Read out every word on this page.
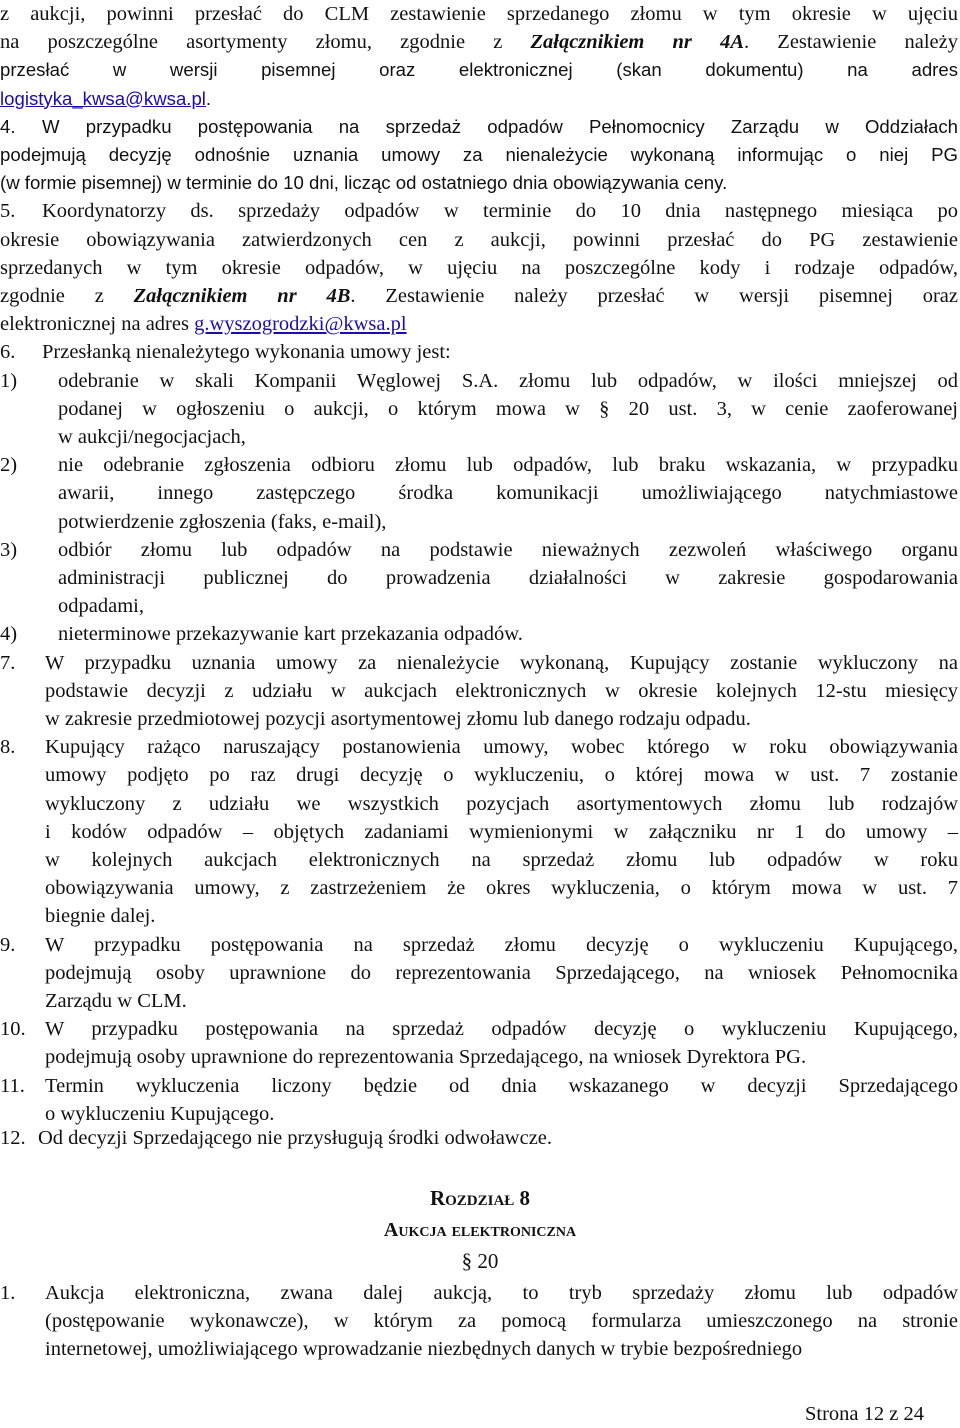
z aukcji, powinni przesłać do CLM zestawienie sprzedanego złomu w tym okresie w ujęciu
na poszczególne asortymenty złomu, zgodnie z Załącznikiem nr 4A. Zestawienie należy
przesłać w wersji pisemnej oraz elektronicznej (skan dokumentu) na adres
logistyka_kwsa@kwsa.pl.
4. W przypadku postępowania na sprzedaż odpadów Pełnomocnicy Zarządu w Oddziałach
podejmują decyzję odnośnie uznania umowy za nienależycie wykonaną informując o niej PG
(w formie pisemnej) w terminie do 10 dni, licząc od ostatniego dnia obowiązywania ceny.
5. Koordynatorzy ds. sprzedaży odpadów w terminie do 10 dnia następnego miesiąca po
okresie obowiązywania zatwierdzonych cen z aukcji, powinni przesłać do PG zestawienie
sprzedanych w tym okresie odpadów, w ujęciu na poszczególne kody i rodzaje odpadów,
zgodnie z Załącznikiem nr 4B. Zestawienie należy przesłać w wersji pisemnej oraz
elektronicznej na adres g.wyszogrodzki@kwsa.pl
6. Przesłanką nienależytego wykonania umowy jest:
1) odebranie w skali Kompanii Węglowej S.A. złomu lub odpadów, w ilości mniejszej od
podanej w ogłoszeniu o aukcji, o którym mowa w § 20 ust. 3, w cenie zaoferowanej
w aukcji/negocjacjach,
2) nie odebranie zgłoszenia odbioru złomu lub odpadów, lub braku wskazania, w przypadku
awarii, innego zastępczego środka komunikacji umożliwiającego natychmiastowe
potwierdzenie zgłoszenia (faks, e-mail),
3) odbiór złomu lub odpadów na podstawie nieważnych zezwoleń właściwego organu
administracji publicznej do prowadzenia działalności w zakresie gospodarowania
odpadami,
4) nieterminowe przekazywanie kart przekazania odpadów.
7. W przypadku uznania umowy za nienależycie wykonaną, Kupujący zostanie wykluczony na
podstawie decyzji z udziału w aukcjach elektronicznych w okresie kolejnych 12-stu miesięcy
w zakresie przedmiotowej pozycji asortymentowej złomu lub danego rodzaju odpadu.
8. Kupujący rażąco naruszający postanowienia umowy, wobec którego w roku obowiązywania
umowy podjęto po raz drugi decyzję o wykluczeniu, o której mowa w ust. 7 zostanie
wykluczony z udziału we wszystkich pozycjach asortymentowych złomu lub rodzajów
i kodów odpadów – objętych zadaniami wymienionymi w załączniku nr 1 do umowy –
w kolejnych aukcjach elektronicznych na sprzedaż złomu lub odpadów w roku
obowiązywania umowy, z zastrzeżeniem że okres wykluczenia, o którym mowa w ust. 7
biegnie dalej.
9. W przypadku postępowania na sprzedaż złomu decyzję o wykluczeniu Kupującego,
podejmują osoby uprawnione do reprezentowania Sprzedającego, na wniosek Pełnomocnika
Zarządu w CLM.
10. W przypadku postępowania na sprzedaż odpadów decyzję o wykluczeniu Kupującego,
podejmują osoby uprawnione do reprezentowania Sprzedającego, na wniosek Dyrektora PG.
11. Termin wykluczenia liczony będzie od dnia wskazanego w decyzji Sprzedającego
o wykluczeniu Kupującego.
12. Od decyzji Sprzedającego nie przysługują środki odwoławcze.
Rozdział 8
Aukcja elektroniczna
§ 20
1. Aukcja elektroniczna, zwana dalej aukcją, to tryb sprzedaży złomu lub odpadów
(postępowanie wykonawcze), w którym za pomocą formularza umieszczonego na stronie
internetowej, umożliwiającego wprowadzanie niezbędnych danych w trybie bezpośredniego
Strona 12 z 24
